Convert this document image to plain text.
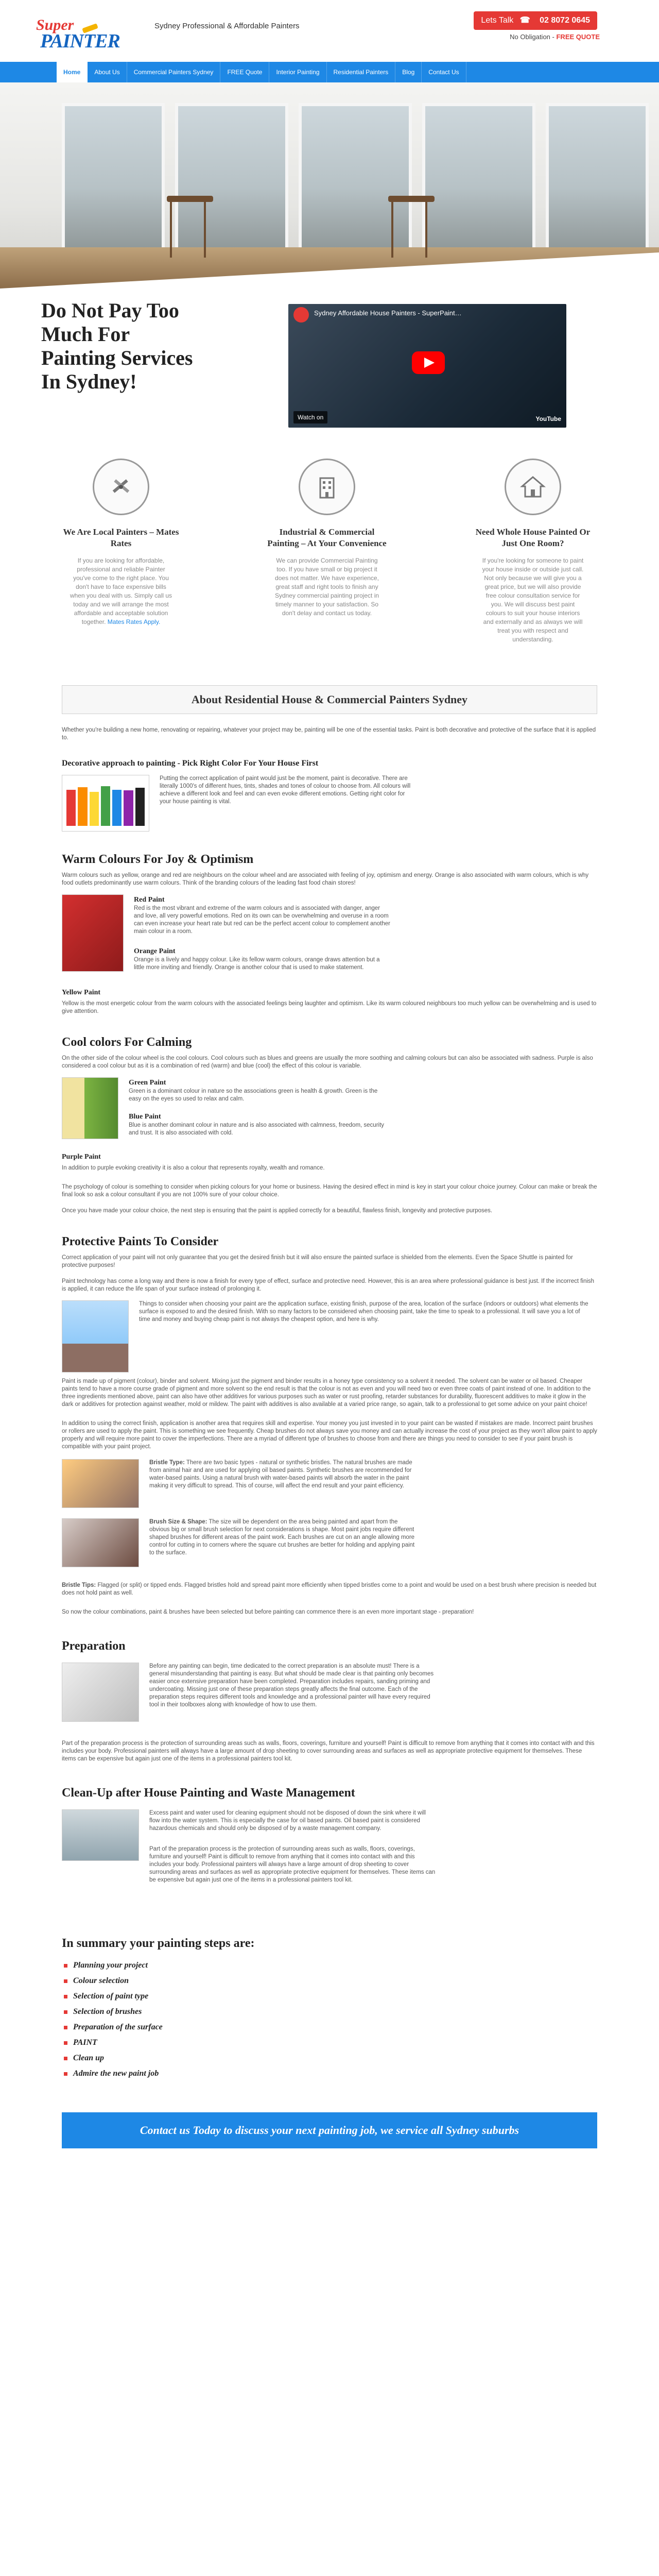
Super
PAINTER
Sydney Professional & Affordable Painters
Lets Talk ☎ 02 8072 0645
No Obligation - FREE QUOTE
Home	About Us	Commercial Painters Sydney	FREE Quote	Interior Painting	Residential Painters	Blog	Contact Us
Do Not Pay Too Much For Painting Services In Sydney!
Sydney Affordable House Painters - SuperPaint…
Watch on	YouTube
We Are Local Painters – Mates Rates

If you are looking for affordable, professional and reliable Painter you've come to the right place. You don't have to face expensive bills when you deal with us. Simply call us today and we will arrange the most affordable and acceptable solution together. Mates Rates Apply.

Industrial & Commercial Painting – At Your Convenience

We can provide Commercial Painting too. If you have small or big project it does not matter. We have experience, great staff and right tools to finish any Sydney commercial painting project in timely manner to your satisfaction. So don't delay and contact us today.

Need Whole House Painted Or Just One Room?

If you're looking for someone to paint your house inside or outside just call. Not only because we will give you a great price, but we will also provide free colour consultation service for you. We will discuss best paint colours to suit your house interiors and externally and as always we will treat you with respect and understanding.

About Residential House & Commercial Painters Sydney

Whether you're building a new home, renovating or repairing, whatever your project may be, painting will be one of the essential tasks. Paint is both decorative and protective of the surface that it is applied to.

Decorative approach to painting - Pick Right Color For Your House First

Putting the correct application of paint would just be the moment, paint is decorative. There are literally 1000's of different hues, tints, shades and tones of colour to choose from. All colours will achieve a different look and feel and can even evoke different emotions. Getting right color for your house painting is vital.

Warm Colours For Joy & Optimism

Warm colours such as yellow, orange and red are neighbours on the colour wheel and are associated with feeling of joy, optimism and energy. Orange is also associated with warm colours, which is why food outlets predominantly use warm colours. Think of the branding colours of the leading fast food chain stores!

Red Paint

Red is the most vibrant and extreme of the warm colours and is associated with danger, anger and love, all very powerful emotions. Red on its own can be overwhelming and overuse in a room can even increase your heart rate but red can be the perfect accent colour to complement another main colour in a room.

Orange Paint

Orange is a lively and happy colour. Like its fellow warm colours, orange draws attention but a little more inviting and friendly. Orange is another colour that is used to make statement.

Yellow Paint

Yellow is the most energetic colour from the warm colours with the associated feelings being laughter and optimism. Like its warm coloured neighbours too much yellow can be overwhelming and is used to give attention.

Cool colors For Calming

On the other side of the colour wheel is the cool colours. Cool colours such as blues and greens are usually the more soothing and calming colours but can also be associated with sadness. Purple is also considered a cool colour but as it is a combination of red (warm) and blue (cool) the effect of this colour is variable.

Green Paint

Green is a dominant colour in nature so the associations green is health & growth. Green is the easy on the eyes so used to relax and calm.

Blue Paint

Blue is another dominant colour in nature and is also associated with calmness, freedom, security and trust. It is also associated with cold.

Purple Paint

In addition to purple evoking creativity it is also a colour that represents royalty, wealth and romance.

The psychology of colour is something to consider when picking colours for your home or business. Having the desired effect in mind is key in start your colour choice journey. Colour can make or break the final look so ask a colour consultant if you are not 100% sure of your colour choice.

Once you have made your colour choice, the next step is ensuring that the paint is applied correctly for a beautiful, flawless finish, longevity and protective purposes.

Protective Paints To Consider

Correct application of your paint will not only guarantee that you get the desired finish but it will also ensure the painted surface is shielded from the elements. Even the Space Shuttle is painted for protective purposes!

Paint technology has come a long way and there is now a finish for every type of effect, surface and protective need. However, this is an area where professional guidance is best just. If the incorrect finish is applied, it can reduce the life span of your surface instead of prolonging it.

Things to consider when choosing your paint are the application surface, existing finish, purpose of the area, location of the surface (indoors or outdoors) what elements the surface is exposed to and the desired finish. With so many factors to be considered when choosing paint, take the time to speak to a professional. It will save you a lot of time and money and buying cheap paint is not always the cheapest option, and here is why.

Paint is made up of pigment (colour), binder and solvent. Mixing just the pigment and binder results in a honey type consistency so a solvent it needed. The solvent can be water or oil based. Cheaper paints tend to have a more course grade of pigment and more solvent so the end result is that the colour is not as even and you will need two or even three coats of paint instead of one. In addition to the three ingredients mentioned above, paint can also have other additives for various purposes such as water or rust proofing, retarder substances for durability, fluorescent additives to make it glow in the dark or additives for protection against weather, mold or mildew. The paint with additives is also available at a varied price range, so again, talk to a professional to get some advice on your paint choice!

In addition to using the correct finish, application is another area that requires skill and expertise. Your money you just invested in to your paint can be wasted if mistakes are made. Incorrect paint brushes or rollers are used to apply the paint. This is something we see frequently. Cheap brushes do not always save you money and can actually increase the cost of your project as they won't allow paint to apply properly and will require more paint to cover the imperfections. There are a myriad of different type of brushes to choose from and there are things you need to consider to see if your paint brush is compatible with your paint project.

Bristle Type: There are two basic types - natural or synthetic bristles. The natural brushes are made from animal hair and are used for applying oil based paints. Synthetic brushes are recommended for water-based paints. Using a natural brush with water-based paints will absorb the water in the paint making it very difficult to spread. This of course, will affect the end result and your paint efficiency.

Brush Size & Shape: The size will be dependent on the area being painted and apart from the obvious big or small brush selection for next considerations is shape. Most paint jobs require different shaped brushes for different areas of the paint work. Each brushes are cut on an angle allowing more control for cutting in to corners where the square cut brushes are better for holding and applying paint to the surface.

Bristle Tips: Flagged (or split) or tipped ends. Flagged bristles hold and spread paint more efficiently when tipped bristles come to a point and would be used on a best brush where precision is needed but does not hold paint as well.

So now the colour combinations, paint & brushes have been selected but before painting can commence there is an even more important stage - preparation!

Preparation

Before any painting can begin, time dedicated to the correct preparation is an absolute must! There is a general misunderstanding that painting is easy. But what should be made clear is that painting only becomes easier once extensive preparation have been completed. Preparation includes repairs, sanding priming and undercoating. Missing just one of these preparation steps greatly affects the final outcome. Each of the preparation steps requires different tools and knowledge and a professional painter will have every required tool in their toolboxes along with knowledge of how to use them.

Part of the preparation process is the protection of surrounding areas such as walls, floors, coverings, furniture and yourself! Paint is difficult to remove from anything that it comes into contact with and this includes your body. Professional painters will always have a large amount of drop sheeting to cover surrounding areas and surfaces as well as appropriate protective equipment for themselves. These items can be expensive but again just one of the items in a professional painters tool kit.

Clean-Up after House Painting and Waste Management

Excess paint and water used for cleaning equipment should not be disposed of down the sink where it will flow into the water system. This is especially the case for oil based paints. Oil based paint is considered hazardous chemicals and should only be disposed of by a waste management company.

Part of the preparation process is the protection of surrounding areas such as walls, floors, coverings, furniture and yourself! Paint is difficult to remove from anything that it comes into contact with and this includes your body. Professional painters will always have a large amount of drop sheeting to cover surrounding areas and surfaces as well as appropriate protective equipment for themselves. These items can be expensive but again just one of the items in a professional painters tool kit.

In summary your painting steps are:
Planning your project
Colour selection
Selection of paint type
Selection of brushes
Preparation of the surface
PAINT
Clean up
Admire the new paint job
Contact us Today to discuss your next painting job, we service all Sydney suburbs
